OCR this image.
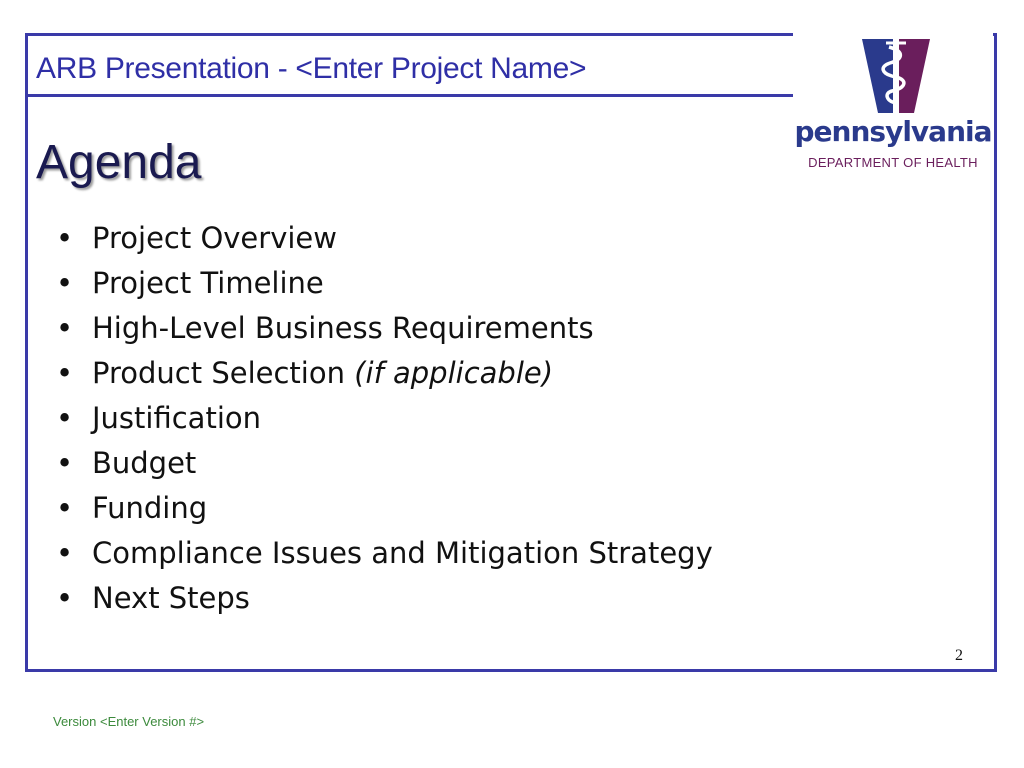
ARB Presentation - <Enter Project Name>
pennsylvania
DEPARTMENT OF HEALTH
Agenda
• Project Overview
• Project Timeline
• High-Level Business Requirements
• Product Selection (if applicable)
• Justification
• Budget
• Funding
• Compliance Issues and Mitigation Strategy
• Next Steps
2
Version <Enter Version #>
